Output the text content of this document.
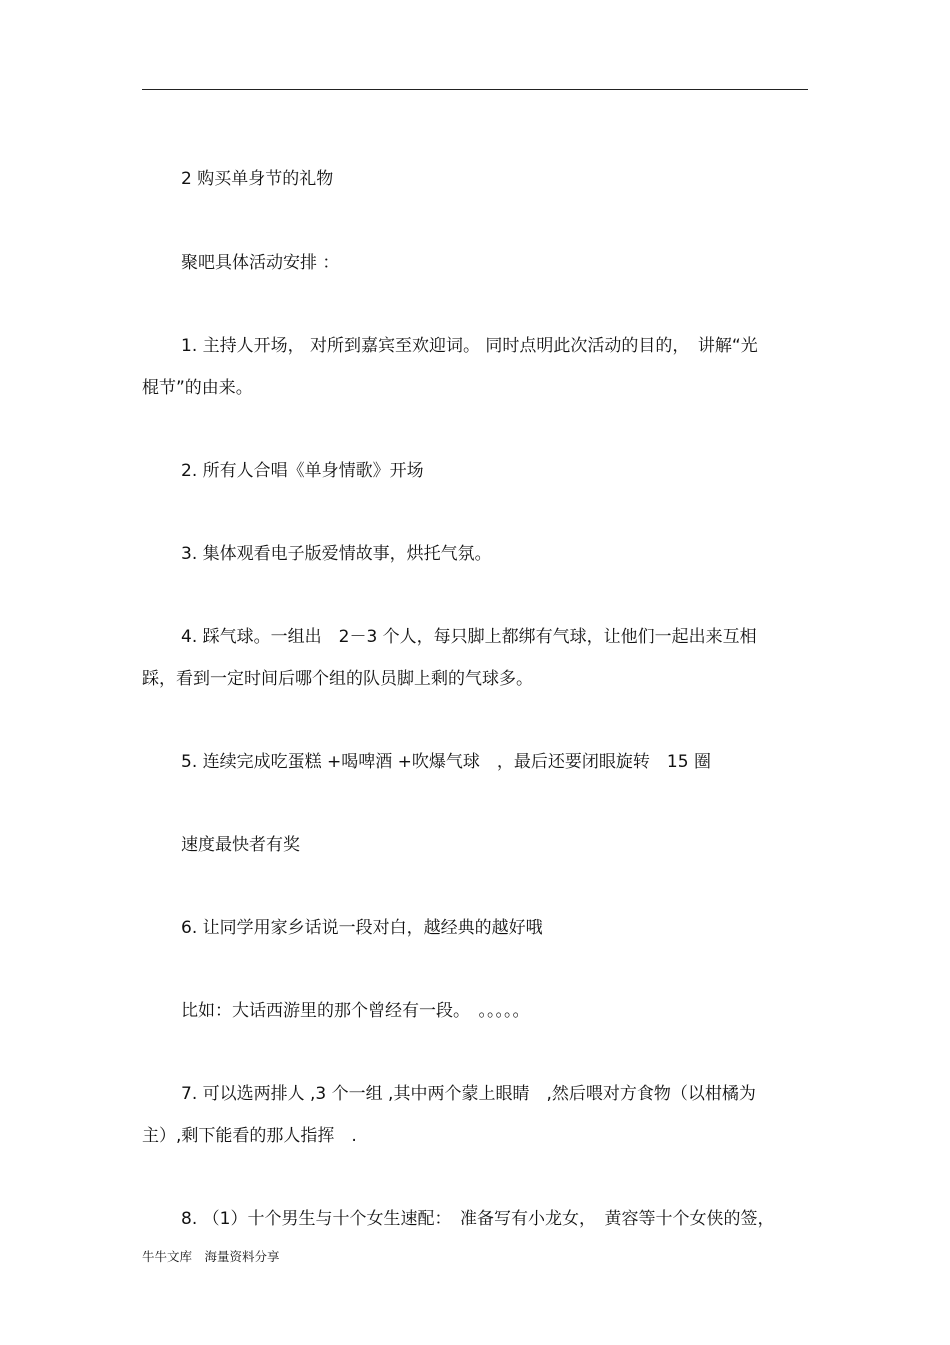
2 购买单身节的礼物
聚吧具体活动安排 ：
1. 主持人开场， 对所到嘉宾至欢迎词。 同时点明此次活动的目的，　讲解“光
棍节”的由来。
2. 所有人合唱《单身情歌》开场
3. 集体观看电子版爱情故事，烘托气氛。
4. 踩气球。一组出　2－3 个人，每只脚上都绑有气球，让他们一起出来互相
踩，看到一定时间后哪个组的队员脚上剩的气球多。
5. 连续完成吃蛋糕 +喝啤酒 +吹爆气球　，最后还要闭眼旋转　15 圈
速度最快者有奖
6. 让同学用家乡话说一段对白，越经典的越好哦
比如：大话西游里的那个曾经有一段。　。。。。。
7. 可以选两排人 ,3 个一组 ,其中两个蒙上眼睛　,然后喂对方食物（以柑橘为
主）,剩下能看的那人指挥　.
8. （1）十个男生与十个女生速配：　准备写有小龙女，　黄容等十个女侠的签，
牛牛文库　海量资料分享
